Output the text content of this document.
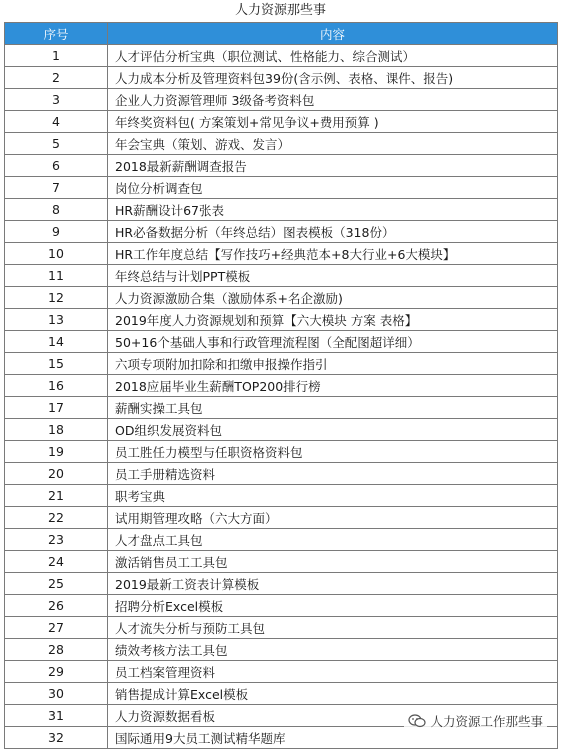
人力资源那些事
序号	内容
1	人才评估分析宝典（职位测试、性格能力、综合测试）
2	人力成本分析及管理资料包39份(含示例、表格、课件、报告)
3	企业人力资源管理师 3级备考资料包
4	年终奖资料包( 方案策划+常见争议+费用预算 )
5	年会宝典（策划、游戏、发言）
6	2018最新薪酬调查报告
7	岗位分析调查包
8	HR薪酬设计67张表
9	HR必备数据分析（年终总结）图表模板（318份）
10	HR工作年度总结【写作技巧+经典范本+8大行业+6大模块】
11	年终总结与计划PPT模板
12	人力资源激励合集（激励体系+名企激励)
13	2019年度人力资源规划和预算【六大模块 方案 表格】
14	50+16个基础人事和行政管理流程图（全配图超详细）
15	六项专项附加扣除和扣缴申报操作指引
16	2018应届毕业生薪酬TOP200排行榜
17	薪酬实操工具包
18	OD组织发展资料包
19	员工胜任力模型与任职资格资料包
20	员工手册精选资料
21	职考宝典
22	试用期管理攻略（六大方面）
23	人才盘点工具包
24	激活销售员工工具包
25	2019最新工资表计算模板
26	招聘分析Excel模板
27	人才流失分析与预防工具包
28	绩效考核方法工具包
29	员工档案管理资料
30	销售提成计算Excel模板
31	人力资源数据看板
32	国际通用9大员工测试精华题库
人力资源工作那些事
